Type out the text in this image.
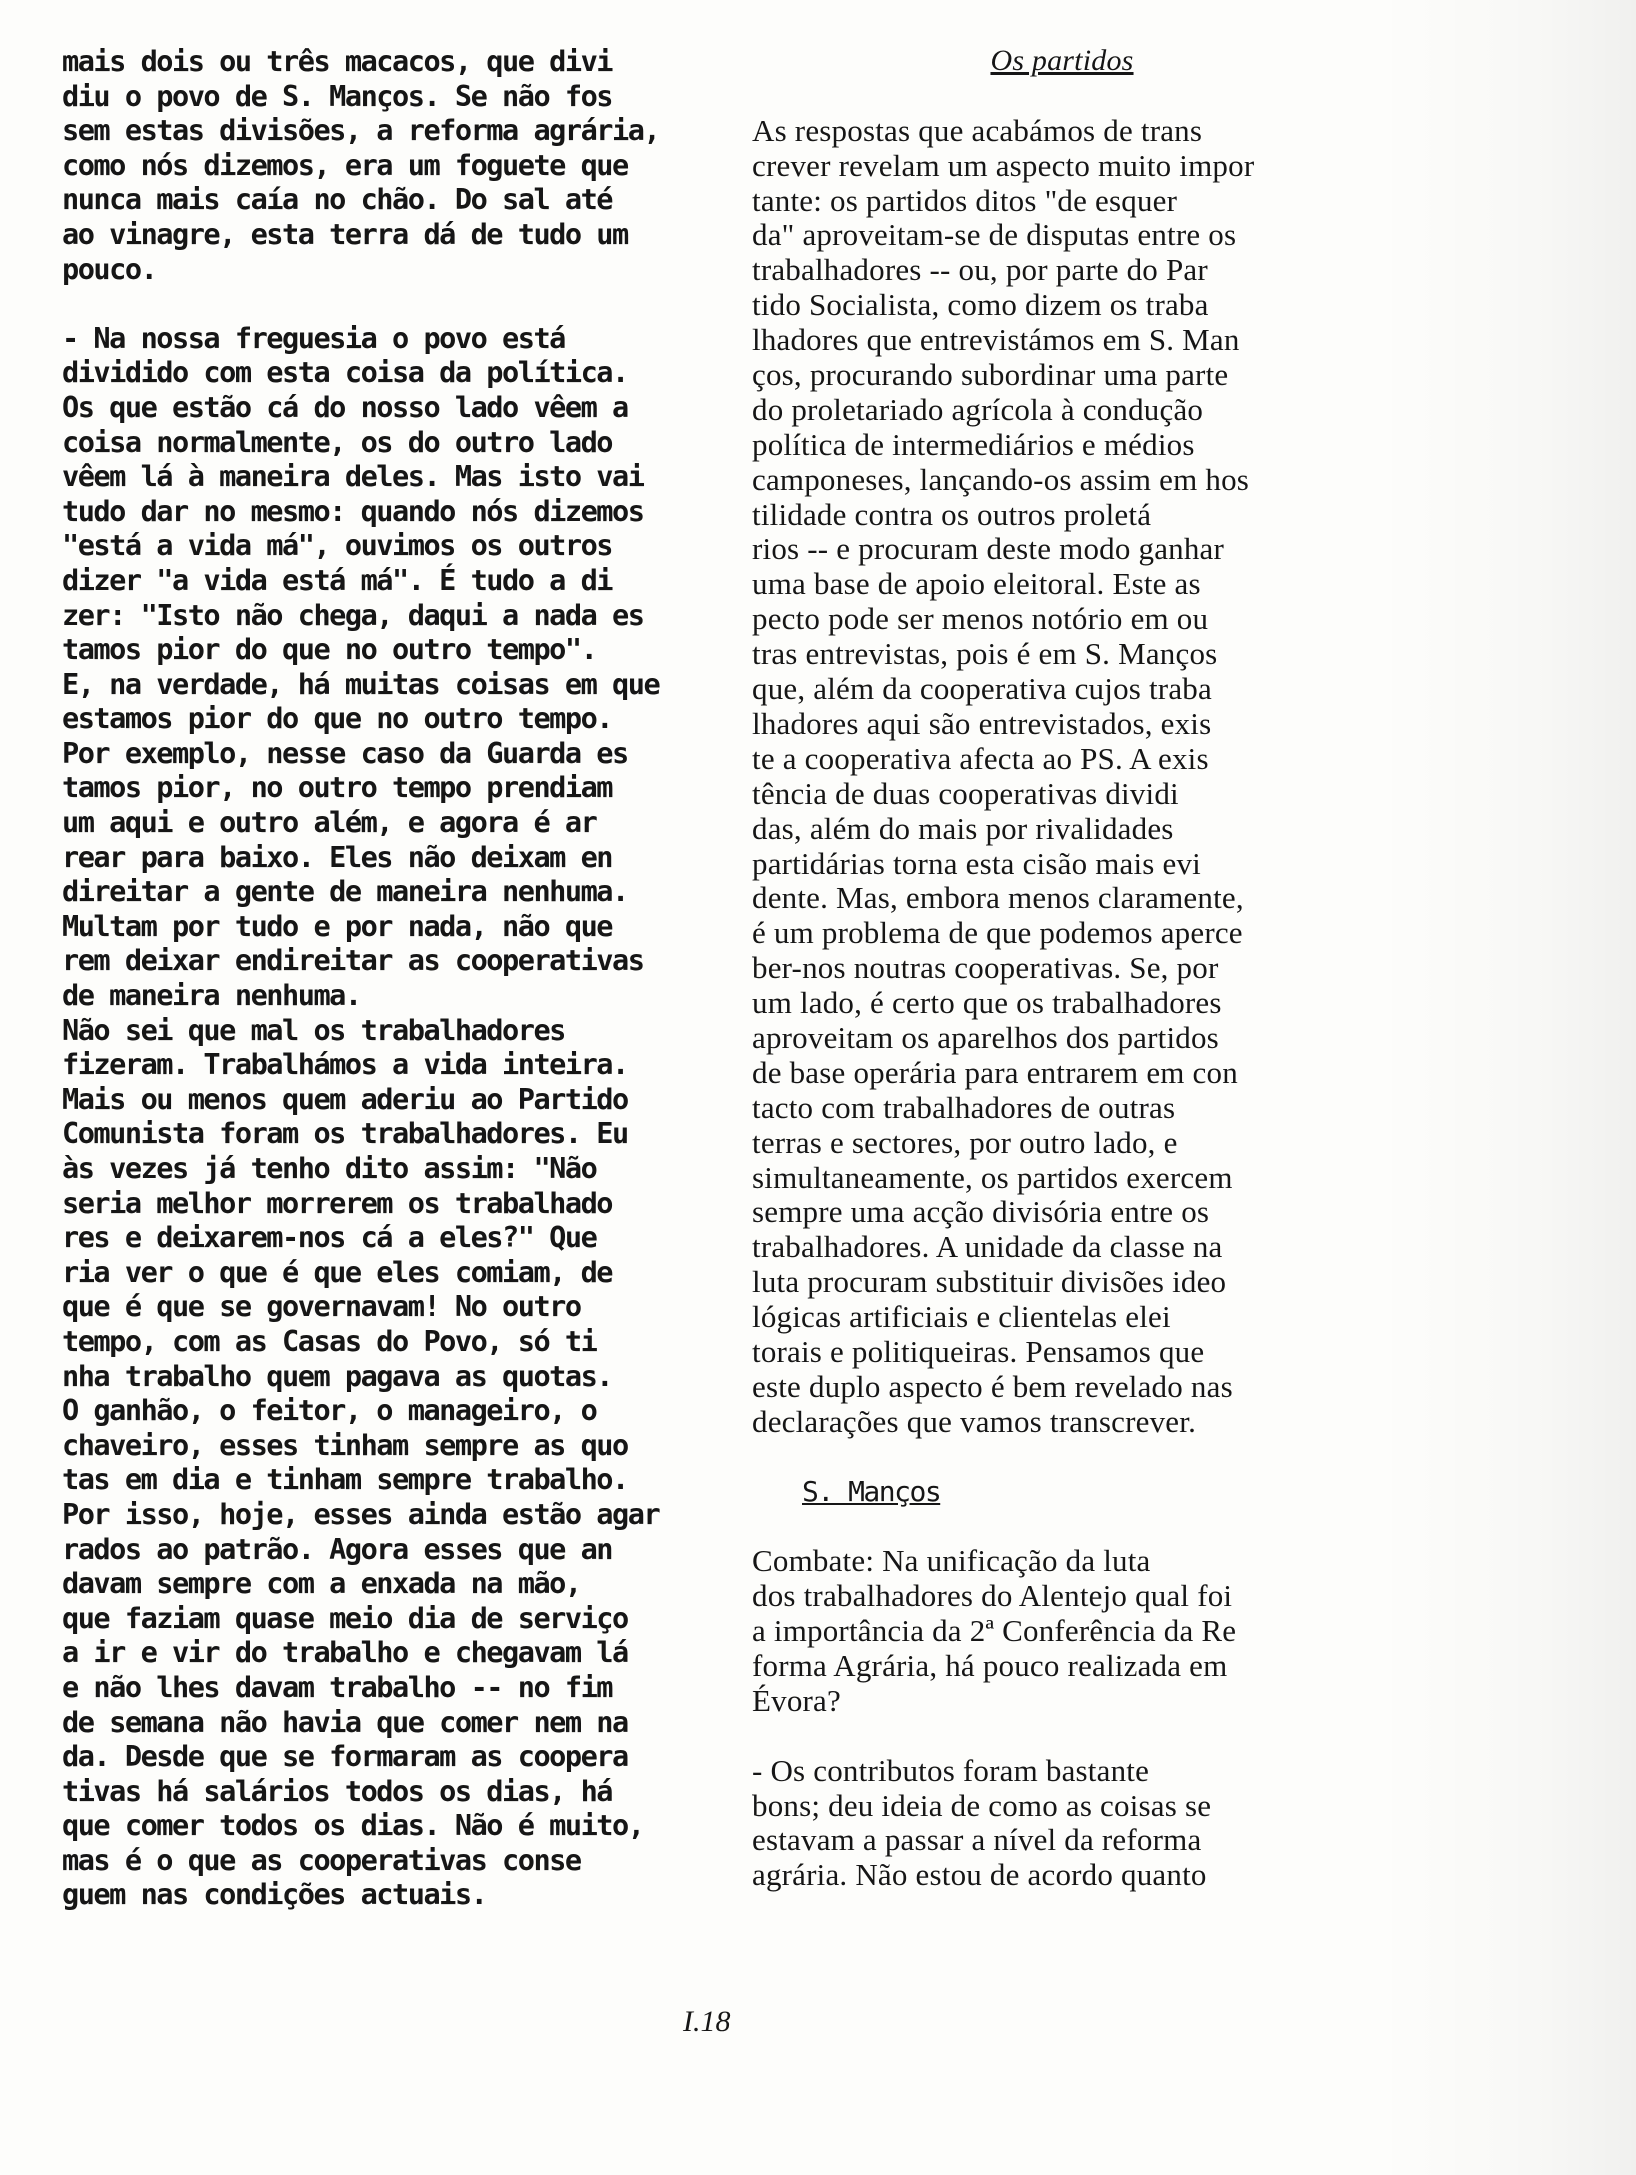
mais dois ou três macacos, que divi
diu o povo de S. Manços. Se não fos
sem estas divisões, a reforma agrária,
como nós dizemos, era um foguete que
nunca mais caía no chão. Do sal até
ao vinagre, esta terra dá de tudo um
pouco.
- Na nossa freguesia o povo está
dividido com esta coisa da política.
Os que estão cá do nosso lado vêem a
coisa normalmente, os do outro lado
vêem lá à maneira deles. Mas isto vai
tudo dar no mesmo: quando nós dizemos
"está a vida má", ouvimos os outros
dizer "a vida está má". É tudo a di
zer: "Isto não chega, daqui a nada es
tamos pior do que no outro tempo".
E, na verdade, há muitas coisas em que
estamos pior do que no outro tempo.
Por exemplo, nesse caso da Guarda es
tamos pior, no outro tempo prendiam
um aqui e outro além, e agora é ar
rear para baixo. Eles não deixam en
direitar a gente de maneira nenhuma.
Multam por tudo e por nada, não que
rem deixar endireitar as cooperativas
de maneira nenhuma.
Não sei que mal os trabalhadores
fizeram. Trabalhámos a vida inteira.
Mais ou menos quem aderiu ao Partido
Comunista foram os trabalhadores. Eu
às vezes já tenho dito assim: "Não
seria melhor morrerem os trabalhado
res e deixarem-nos cá a eles?" Que
ria ver o que é que eles comiam, de
que é que se governavam! No outro
tempo, com as Casas do Povo, só ti
nha trabalho quem pagava as quotas.
O ganhão, o feitor, o manageiro, o
chaveiro, esses tinham sempre as quo
tas em dia e tinham sempre trabalho.
Por isso, hoje, esses ainda estão agar
rados ao patrão. Agora esses que an
davam sempre com a enxada na mão,
que faziam quase meio dia de serviço
a ir e vir do trabalho e chegavam lá
e não lhes davam trabalho -- no fim
de semana não havia que comer nem na
da. Desde que se formaram as coopera
tivas há salários todos os dias, há
que comer todos os dias. Não é muito,
mas é o que as cooperativas conse
guem nas condições actuais.
Os partidos
As respostas que acabámos de trans
crever revelam um aspecto muito impor
tante: os partidos ditos "de esquer
da" aproveitam-se de disputas entre os
trabalhadores -- ou, por parte do Par
tido Socialista, como dizem os traba
lhadores que entrevistámos em S. Man
ços, procurando subordinar uma parte
do proletariado agrícola à condução
política de intermediários e médios
camponeses, lançando-os assim em hos
tilidade contra os outros proletá
rios -- e procuram deste modo ganhar
uma base de apoio eleitoral. Este as
pecto pode ser menos notório em ou
tras entrevistas, pois é em S. Manços
que, além da cooperativa cujos traba
lhadores aqui são entrevistados, exis
te a cooperativa afecta ao PS. A exis
tência de duas cooperativas dividi
das, além do mais por rivalidades
partidárias torna esta cisão mais evi
dente. Mas, embora menos claramente,
é um problema de que podemos aperce
ber-nos noutras cooperativas. Se, por
um lado, é certo que os trabalhadores
aproveitam os aparelhos dos partidos
de base operária para entrarem em con
tacto com trabalhadores de outras
terras e sectores, por outro lado, e
simultaneamente, os partidos exercem
sempre uma acção divisória entre os
trabalhadores. A unidade da classe na
luta procuram substituir divisões ideo
lógicas artificiais e clientelas elei
torais e politiqueiras. Pensamos que
este duplo aspecto é bem revelado nas
declarações que vamos transcrever.
S. Manços
Combate: Na unificação da luta
dos trabalhadores do Alentejo qual foi
a importância da 2ª Conferência da Re
forma Agrária, há pouco realizada em
Évora?
- Os contributos foram bastante
bons; deu ideia de como as coisas se
estavam a passar a nível da reforma
agrária. Não estou de acordo quanto
I.18
